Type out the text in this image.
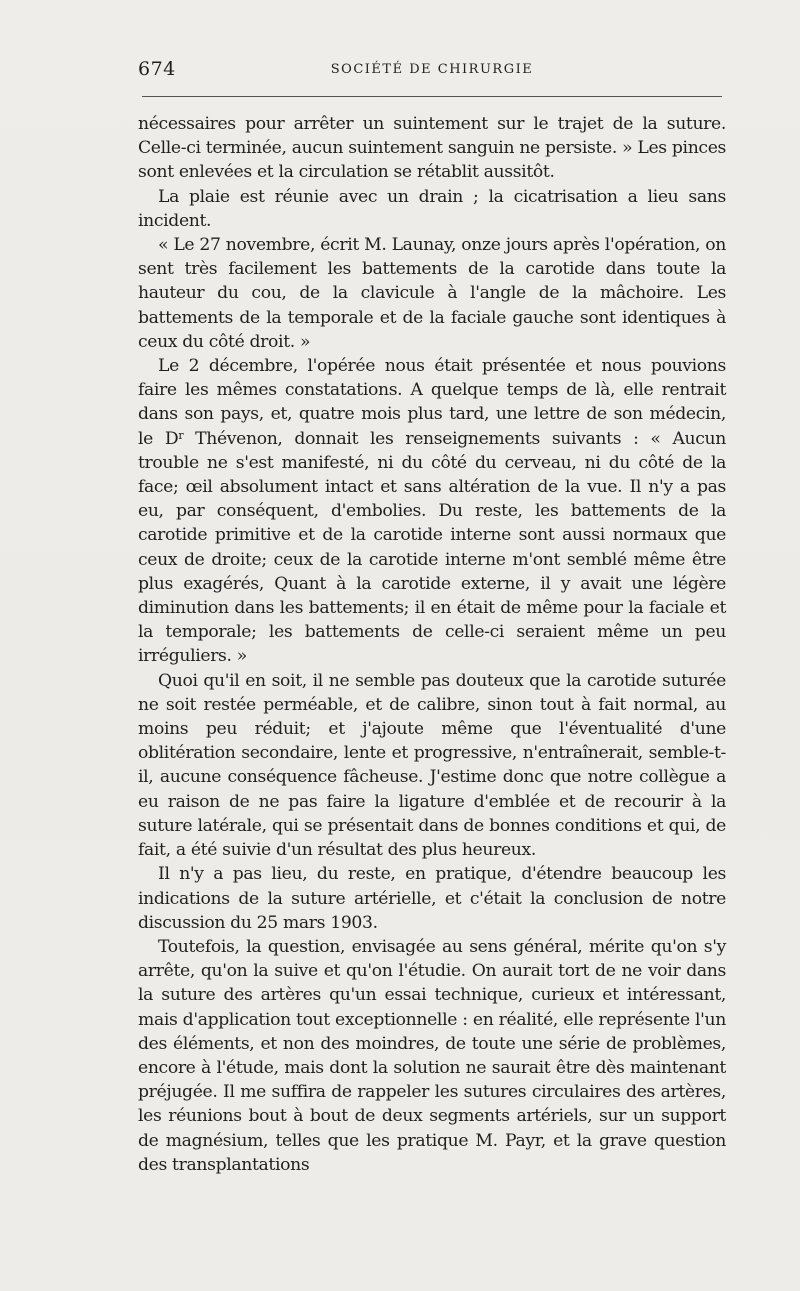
674	SOCIÉTÉ DE CHIRURGIE

nécessaires pour arrêter un suintement sur le trajet de la suture. Celle-ci terminée, aucun suintement sanguin ne persiste. » Les pinces sont enlevées et la circulation se rétablit aussitôt.

La plaie est réunie avec un drain ; la cicatrisation a lieu sans incident.

« Le 27 novembre, écrit M. Launay, onze jours après l'opération, on sent très facilement les battements de la carotide dans toute la hauteur du cou, de la clavicule à l'angle de la mâchoire. Les battements de la temporale et de la faciale gauche sont identiques à ceux du côté droit. »

Le 2 décembre, l'opérée nous était présentée et nous pouvions faire les mêmes constatations. A quelque temps de là, elle rentrait dans son pays, et, quatre mois plus tard, une lettre de son médecin, le $D^r$ Thévenon, donnait les renseignements suivants : « Aucun trouble ne s'est manifesté, ni du côté du cerveau, ni du côté de la face; œil absolument intact et sans altération de la vue. Il n'y a pas eu, par conséquent, d'embolies. Du reste, les battements de la carotide primitive et de la carotide interne sont aussi normaux que ceux de droite; ceux de la carotide interne m'ont semblé même être plus exagérés, Quant à la carotide externe, il y avait une légère diminution dans les battements; il en était de même pour la faciale et la temporale; les battements de celle-ci seraient même un peu irréguliers. »

Quoi qu'il en soit, il ne semble pas douteux que la carotide suturée ne soit restée perméable, et de calibre, sinon tout à fait normal, au moins peu réduit; et j'ajoute même que l'éventualité d'une oblitération secondaire, lente et progressive, n'entraînerait, semble-t-il, aucune conséquence fâcheuse. J'estime donc que notre collègue a eu raison de ne pas faire la ligature d'emblée et de recourir à la suture latérale, qui se présentait dans de bonnes conditions et qui, de fait, a été suivie d'un résultat des plus heureux.

Il n'y a pas lieu, du reste, en pratique, d'étendre beaucoup les indications de la suture artérielle, et c'était la conclusion de notre discussion du 25 mars 1903.

Toutefois, la question, envisagée au sens général, mérite qu'on s'y arrête, qu'on la suive et qu'on l'étudie. On aurait tort de ne voir dans la suture des artères qu'un essai technique, curieux et intéressant, mais d'application tout exceptionnelle : en réalité, elle représente l'un des éléments, et non des moindres, de toute une série de problèmes, encore à l'étude, mais dont la solution ne saurait être dès maintenant préjugée. Il me suffira de rappeler les sutures circulaires des artères, les réunions bout à bout de deux segments artériels, sur un support de magnésium, telles que les pratique M. Payr, et la grave question des transplantations
